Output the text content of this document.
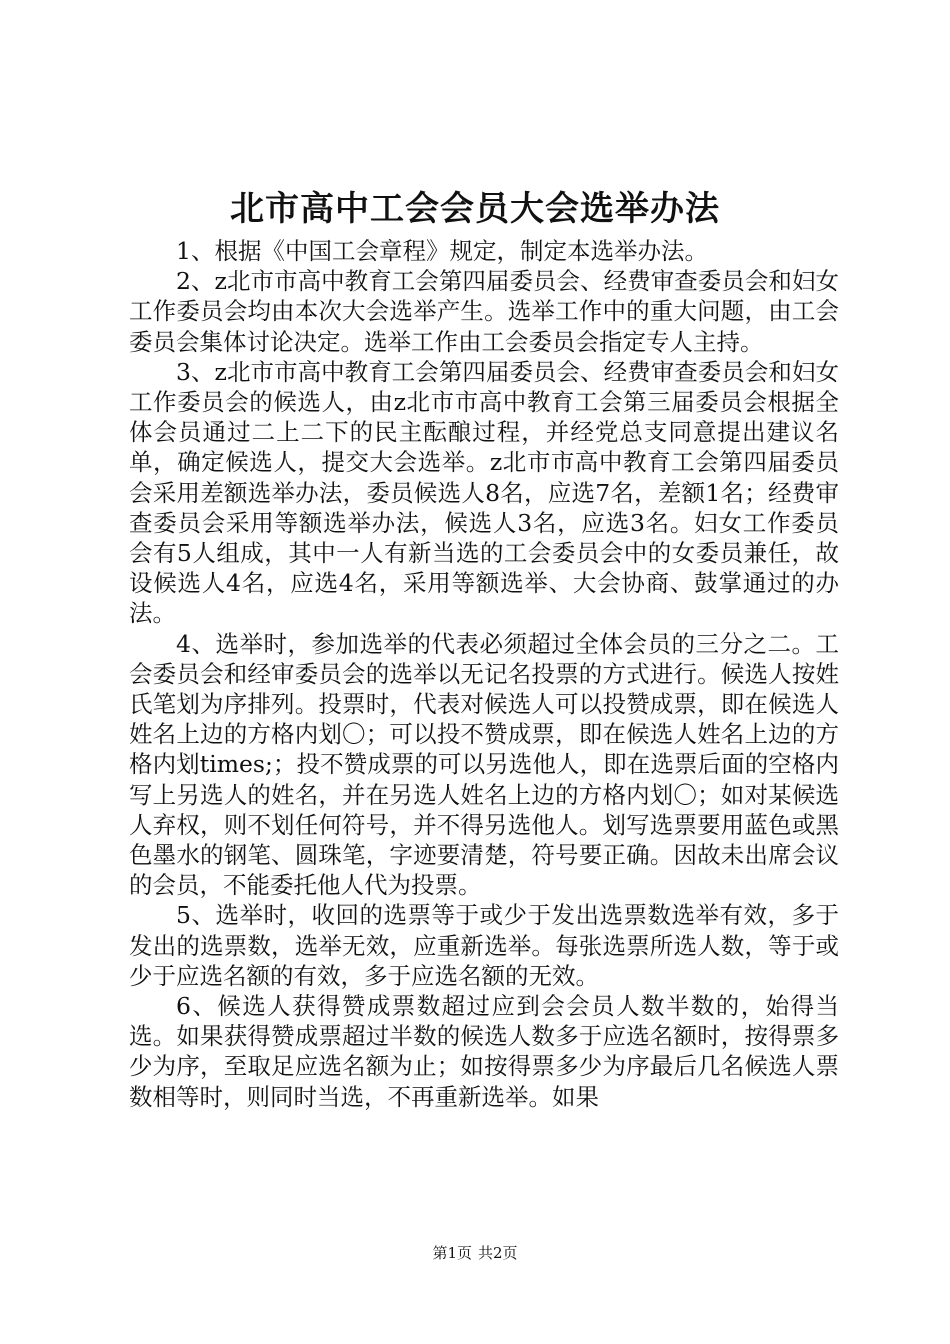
北市高中工会会员大会选举办法

1、根据《中国工会章程》规定，制定本选举办法。

2、z北市市高中教育工会第四届委员会、经费审查委员会和妇女工作委员会均由本次大会选举产生。选举工作中的重大问题，由工会委员会集体讨论决定。选举工作由工会委员会指定专人主持。

3、z北市市高中教育工会第四届委员会、经费审查委员会和妇女工作委员会的候选人，由z北市市高中教育工会第三届委员会根据全体会员通过二上二下的民主酝酿过程，并经党总支同意提出建议名单，确定候选人，提交大会选举。z北市市高中教育工会第四届委员会采用差额选举办法，委员候选人8名，应选7名，差额1名；经费审查委员会采用等额选举办法，候选人3名，应选3名。妇女工作委员会有5人组成，其中一人有新当选的工会委员会中的女委员兼任，故设候选人4名，应选4名，采用等额选举、大会协商、鼓掌通过的办法。

4、选举时，参加选举的代表必须超过全体会员的三分之二。工会委员会和经审委员会的选举以无记名投票的方式进行。候选人按姓氏笔划为序排列。投票时，代表对候选人可以投赞成票，即在候选人姓名上边的方格内划〇；可以投不赞成票，即在候选人姓名上边的方格内划times;；投不赞成票的可以另选他人，即在选票后面的空格内写上另选人的姓名，并在另选人姓名上边的方格内划〇；如对某候选人弃权，则不划任何符号，并不得另选他人。划写选票要用蓝色或黑色墨水的钢笔、圆珠笔，字迹要清楚，符号要正确。因故未出席会议的会员，不能委托他人代为投票。

5、选举时，收回的选票等于或少于发出选票数选举有效，多于发出的选票数，选举无效，应重新选举。每张选票所选人数，等于或少于应选名额的有效，多于应选名额的无效。

6、候选人获得赞成票数超过应到会会员人数半数的，始得当选。如果获得赞成票超过半数的候选人数多于应选名额时，按得票多少为序，至取足应选名额为止；如按得票多少为序最后几名候选人票数相等时，则同时当选，不再重新选举。如果

第1页 共2页
